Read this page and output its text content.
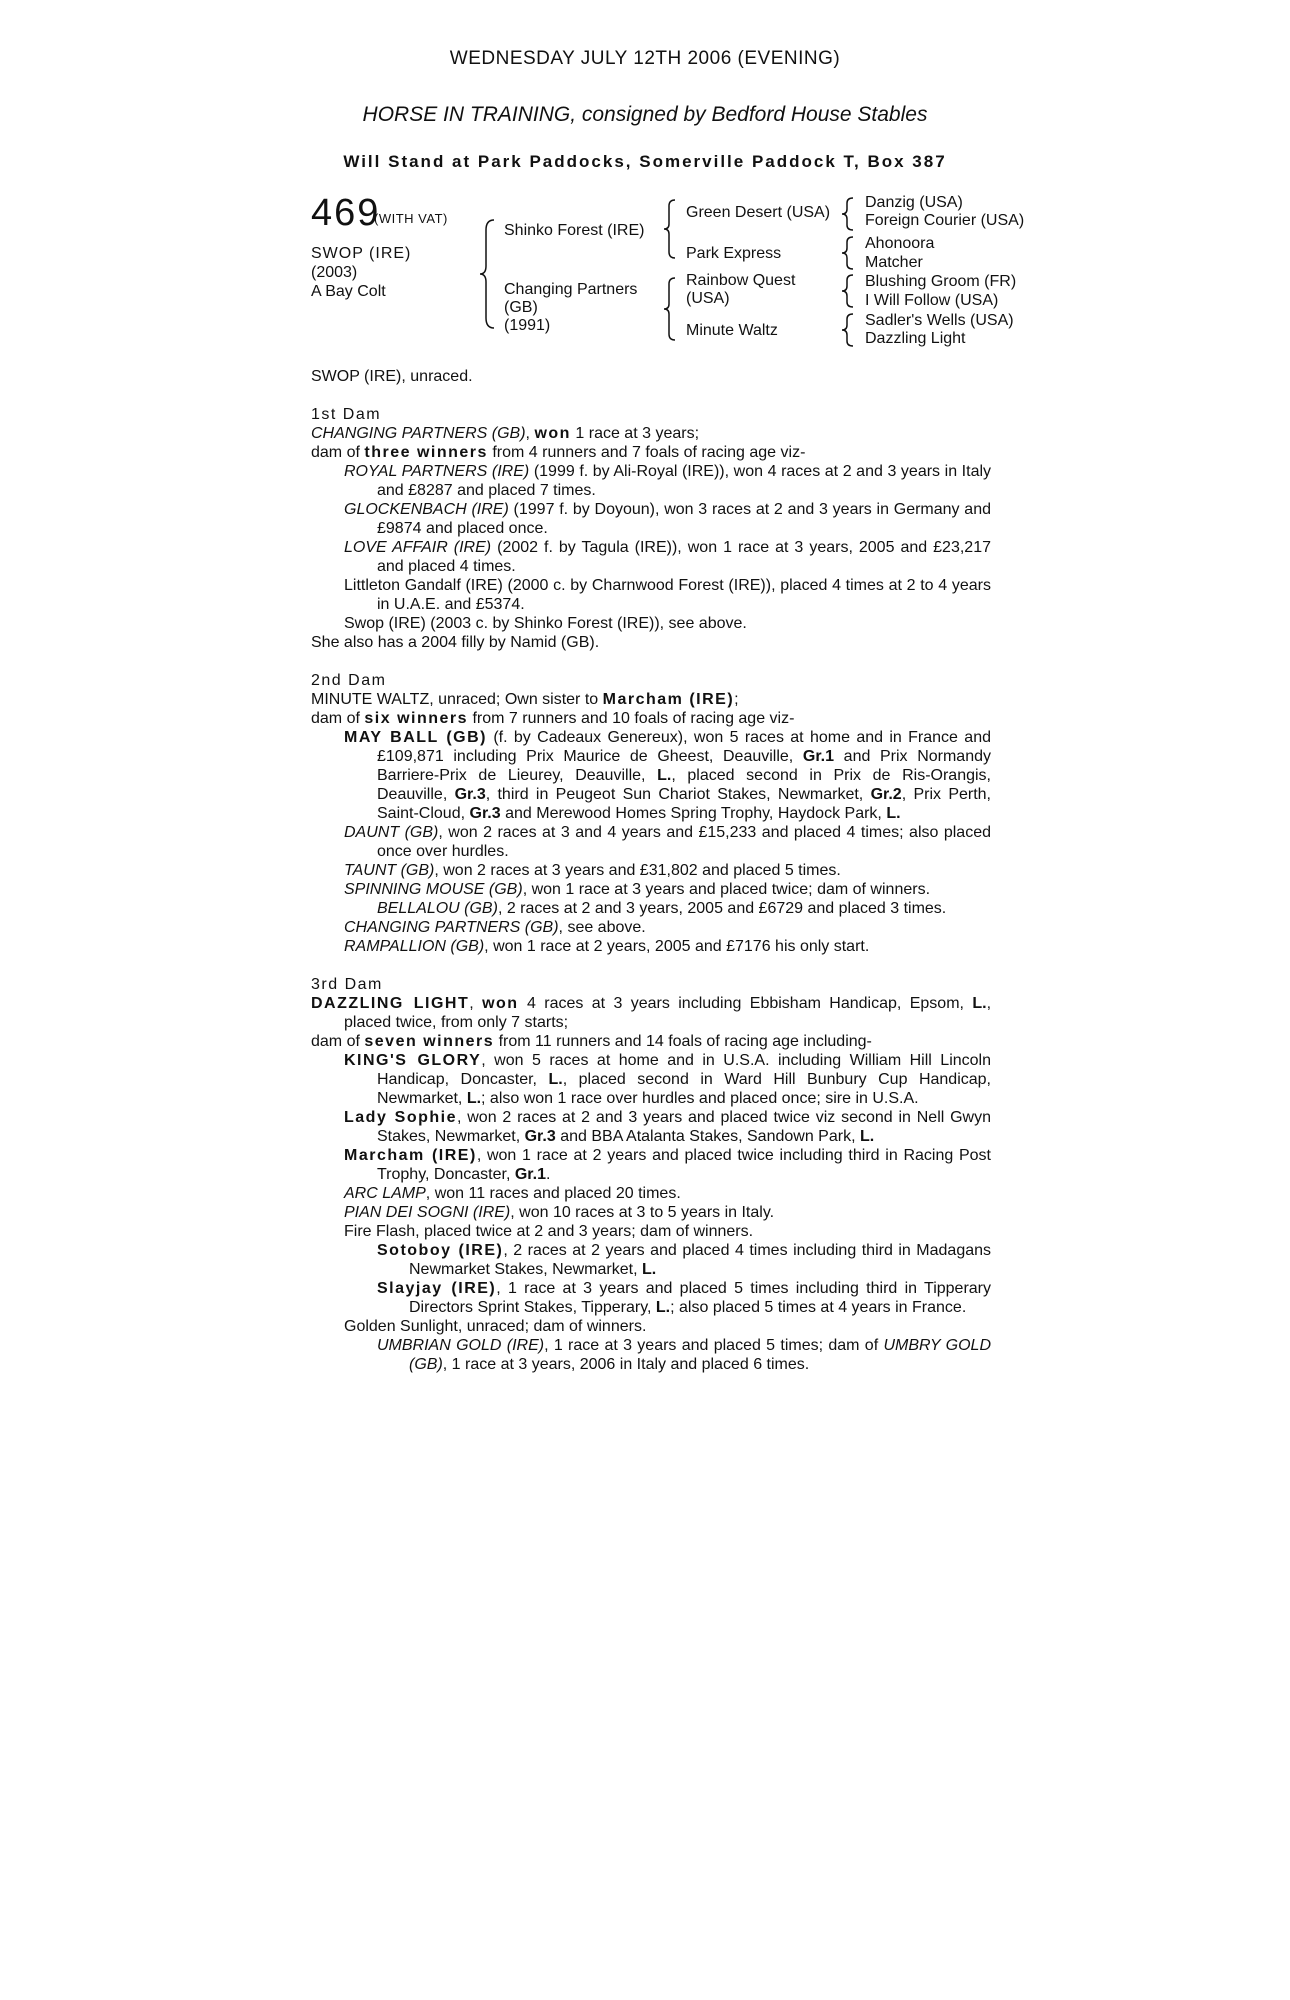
WEDNESDAY JULY 12TH 2006 (EVENING)
HORSE IN TRAINING, consigned by Bedford House Stables
Will Stand at Park Paddocks, Somerville Paddock T, Box 387
469
(WITH VAT)
SWOP (IRE)
(2003)
A Bay Colt
Shinko Forest (IRE)
Changing Partners
(GB)
(1991)
Green Desert (USA)
Park Express
Rainbow Quest
(USA)
Minute Waltz
Danzig (USA)
Foreign Courier (USA)
Ahonoora
Matcher
Blushing Groom (FR)
I Will Follow (USA)
Sadler's Wells (USA)
Dazzling Light

SWOP (IRE), unraced.

1st Dam

CHANGING PARTNERS (GB), won 1 race at 3 years;

dam of three winners from 4 runners and 7 foals of racing age viz-

ROYAL PARTNERS (IRE) (1999 f. by Ali-Royal (IRE)), won 4 races at 2 and 3 years in Italy and £8287 and placed 7 times.

GLOCKENBACH (IRE) (1997 f. by Doyoun), won 3 races at 2 and 3 years in Germany and £9874 and placed once.

LOVE AFFAIR (IRE) (2002 f. by Tagula (IRE)), won 1 race at 3 years, 2005 and £23,217 and placed 4 times.

Littleton Gandalf (IRE) (2000 c. by Charnwood Forest (IRE)), placed 4 times at 2 to 4 years in U.A.E. and £5374.

Swop (IRE) (2003 c. by Shinko Forest (IRE)), see above.

She also has a 2004 filly by Namid (GB).

2nd Dam

MINUTE WALTZ, unraced; Own sister to Marcham (IRE);

dam of six winners from 7 runners and 10 foals of racing age viz-

MAY BALL (GB) (f. by Cadeaux Genereux), won 5 races at home and in France and £109,871 including Prix Maurice de Gheest, Deauville, Gr.1 and Prix Normandy Barriere-Prix de Lieurey, Deauville, L., placed second in Prix de Ris-Orangis, Deauville, Gr.3, third in Peugeot Sun Chariot Stakes, Newmarket, Gr.2, Prix Perth, Saint-Cloud, Gr.3 and Merewood Homes Spring Trophy, Haydock Park, L.

DAUNT (GB), won 2 races at 3 and 4 years and £15,233 and placed 4 times; also placed once over hurdles.

TAUNT (GB), won 2 races at 3 years and £31,802 and placed 5 times.

SPINNING MOUSE (GB), won 1 race at 3 years and placed twice; dam of winners.

BELLALOU (GB), 2 races at 2 and 3 years, 2005 and £6729 and placed 3 times.

CHANGING PARTNERS (GB), see above.

RAMPALLION (GB), won 1 race at 2 years, 2005 and £7176 his only start.

3rd Dam

DAZZLING LIGHT, won 4 races at 3 years including Ebbisham Handicap, Epsom, L., placed twice, from only 7 starts;

dam of seven winners from 11 runners and 14 foals of racing age including-

KING'S GLORY, won 5 races at home and in U.S.A. including William Hill Lincoln Handicap, Doncaster, L., placed second in Ward Hill Bunbury Cup Handicap, Newmarket, L.; also won 1 race over hurdles and placed once; sire in U.S.A.

Lady Sophie, won 2 races at 2 and 3 years and placed twice viz second in Nell Gwyn Stakes, Newmarket, Gr.3 and BBA Atalanta Stakes, Sandown Park, L.

Marcham (IRE), won 1 race at 2 years and placed twice including third in Racing Post Trophy, Doncaster, Gr.1.

ARC LAMP, won 11 races and placed 20 times.

PIAN DEI SOGNI (IRE), won 10 races at 3 to 5 years in Italy.

Fire Flash, placed twice at 2 and 3 years; dam of winners.

Sotoboy (IRE), 2 races at 2 years and placed 4 times including third in Madagans Newmarket Stakes, Newmarket, L.

Slayjay (IRE), 1 race at 3 years and placed 5 times including third in Tipperary Directors Sprint Stakes, Tipperary, L.; also placed 5 times at 4 years in France.

Golden Sunlight, unraced; dam of winners.

UMBRIAN GOLD (IRE), 1 race at 3 years and placed 5 times; dam of UMBRY GOLD (GB), 1 race at 3 years, 2006 in Italy and placed 6 times.
